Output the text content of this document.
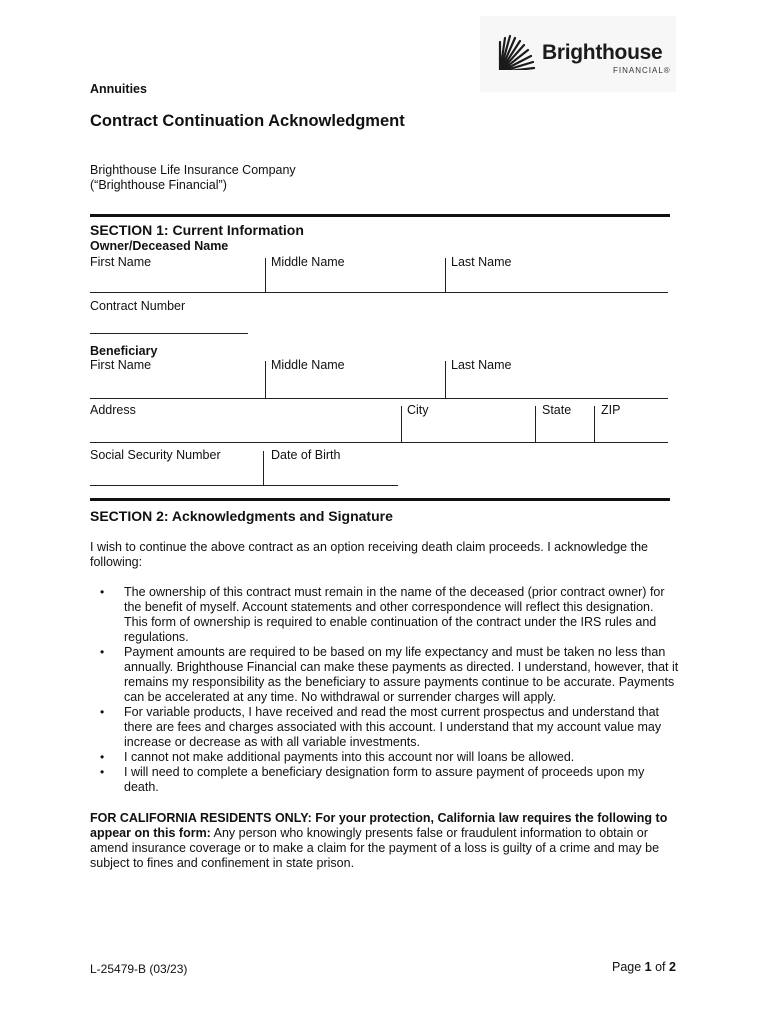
Brighthouse
FINANCIAL®
Annuities
Contract Continuation Acknowledgment
Brighthouse Life Insurance Company
(“Brighthouse Financial”)
SECTION 1: Current Information
Owner/Deceased Name
First Name	Middle Name	Last Name
Contract Number
Beneficiary
First Name	Middle Name	Last Name
Address	City	State ZIP
Social Security Number	Date of Birth
SECTION 2: Acknowledgments and Signature
I wish to continue the above contract as an option receiving death claim proceeds. I acknowledge the following:
• The ownership of this contract must remain in the name of the deceased (prior contract owner) for the benefit of myself. Account statements and other correspondence will reflect this designation. This form of ownership is required to enable continuation of the contract under the IRS rules and regulations.
• Payment amounts are required to be based on my life expectancy and must be taken no less than annually. Brighthouse Financial can make these payments as directed. I understand, however, that it remains my responsibility as the beneficiary to assure payments continue to be accurate. Payments can be accelerated at any time. No withdrawal or surrender charges will apply.
• For variable products, I have received and read the most current prospectus and understand that there are fees and charges associated with this account. I understand that my account value may increase or decrease as with all variable investments.
• I cannot not make additional payments into this account nor will loans be allowed.
• I will need to complete a beneficiary designation form to assure payment of proceeds upon my death.
FOR CALIFORNIA RESIDENTS ONLY: For your protection, California law requires the following to appear on this form: Any person who knowingly presents false or fraudulent information to obtain or amend insurance coverage or to make a claim for the payment of a loss is guilty of a crime and may be subject to fines and confinement in state prison.
L-25479-B (03/23)	Page 1 of 2
